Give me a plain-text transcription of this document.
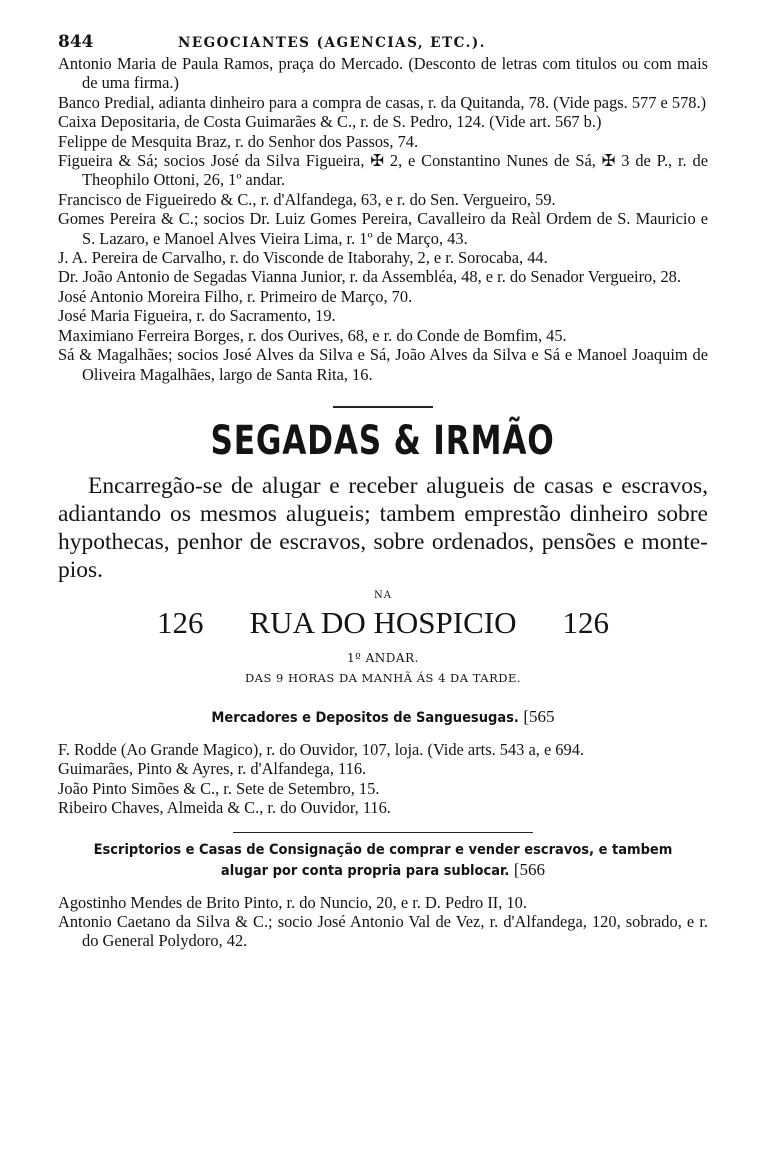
844	NEGOCIANTES (AGENCIAS, ETC.).
Antonio Maria de Paula Ramos, praça do Mercado. (Desconto de letras com titulos ou com mais de uma firma.)
Banco Predial, adianta dinheiro para a compra de casas, r. da Quitanda, 78. (Vide pags. 577 e 578.)
Caixa Depositaria, de Costa Guimarães & C., r. de S. Pedro, 124. (Vide art. 567 b.)
Felippe de Mesquita Braz, r. do Senhor dos Passos, 74.
Figueira & Sá; socios José da Silva Figueira, ✠ 2, e Constantino Nunes de Sá, ✠ 3 de P., r. de Theophilo Ottoni, 26, 1º andar.
Francisco de Figueiredo & C., r. d'Alfandega, 63, e r. do Sen. Vergueiro, 59.
Gomes Pereira & C.; socios Dr. Luiz Gomes Pereira, Cavalleiro da Reàl Ordem de S. Mauricio e S. Lazaro, e Manoel Alves Vieira Lima, r. 1º de Março, 43.
J. A. Pereira de Carvalho, r. do Visconde de Itaborahy, 2, e r. Sorocaba, 44.
Dr. João Antonio de Segadas Vianna Junior, r. da Assembléa, 48, e r. do Senador Vergueiro, 28.
José Antonio Moreira Filho, r. Primeiro de Março, 70.
José Maria Figueira, r. do Sacramento, 19.
Maximiano Ferreira Borges, r. dos Ourives, 68, e r. do Conde de Bomfim, 45.
Sá & Magalhães; socios José Alves da Silva e Sá, João Alves da Silva e Sá e Manoel Joaquim de Oliveira Magalhães, largo de Santa Rita, 16.
SEGADAS & IRMÃO

Encarregão-se de alugar e receber alugueis de casas e escravos, adiantando os mesmos alugueis; tambem emprestão dinheiro sobre hypothecas, penhor de escravos, sobre ordenados, pensões e monte-pios.

NA
126 RUA DO HOSPICIO 126
1º ANDAR.
DAS 9 HORAS DA MANHÃ ÁS 4 DA TARDE.
Mercadores e Depositos de Sanguesugas. [565
F. Rodde (Ao Grande Magico), r. do Ouvidor, 107, loja. (Vide arts. 543 a, e 694.
Guimarães, Pinto & Ayres, r. d'Alfandega, 116.
João Pinto Simões & C., r. Sete de Setembro, 15.
Ribeiro Chaves, Almeida & C., r. do Ouvidor, 116.
Escriptorios e Casas de Consignação de comprar e vender escravos, e tambem alugar por conta propria para sublocar. [566
Agostinho Mendes de Brito Pinto, r. do Nuncio, 20, e r. D. Pedro II, 10.
Antonio Caetano da Silva & C.; socio José Antonio Val de Vez, r. d'Alfandega, 120, sobrado, e r. do General Polydoro, 42.
